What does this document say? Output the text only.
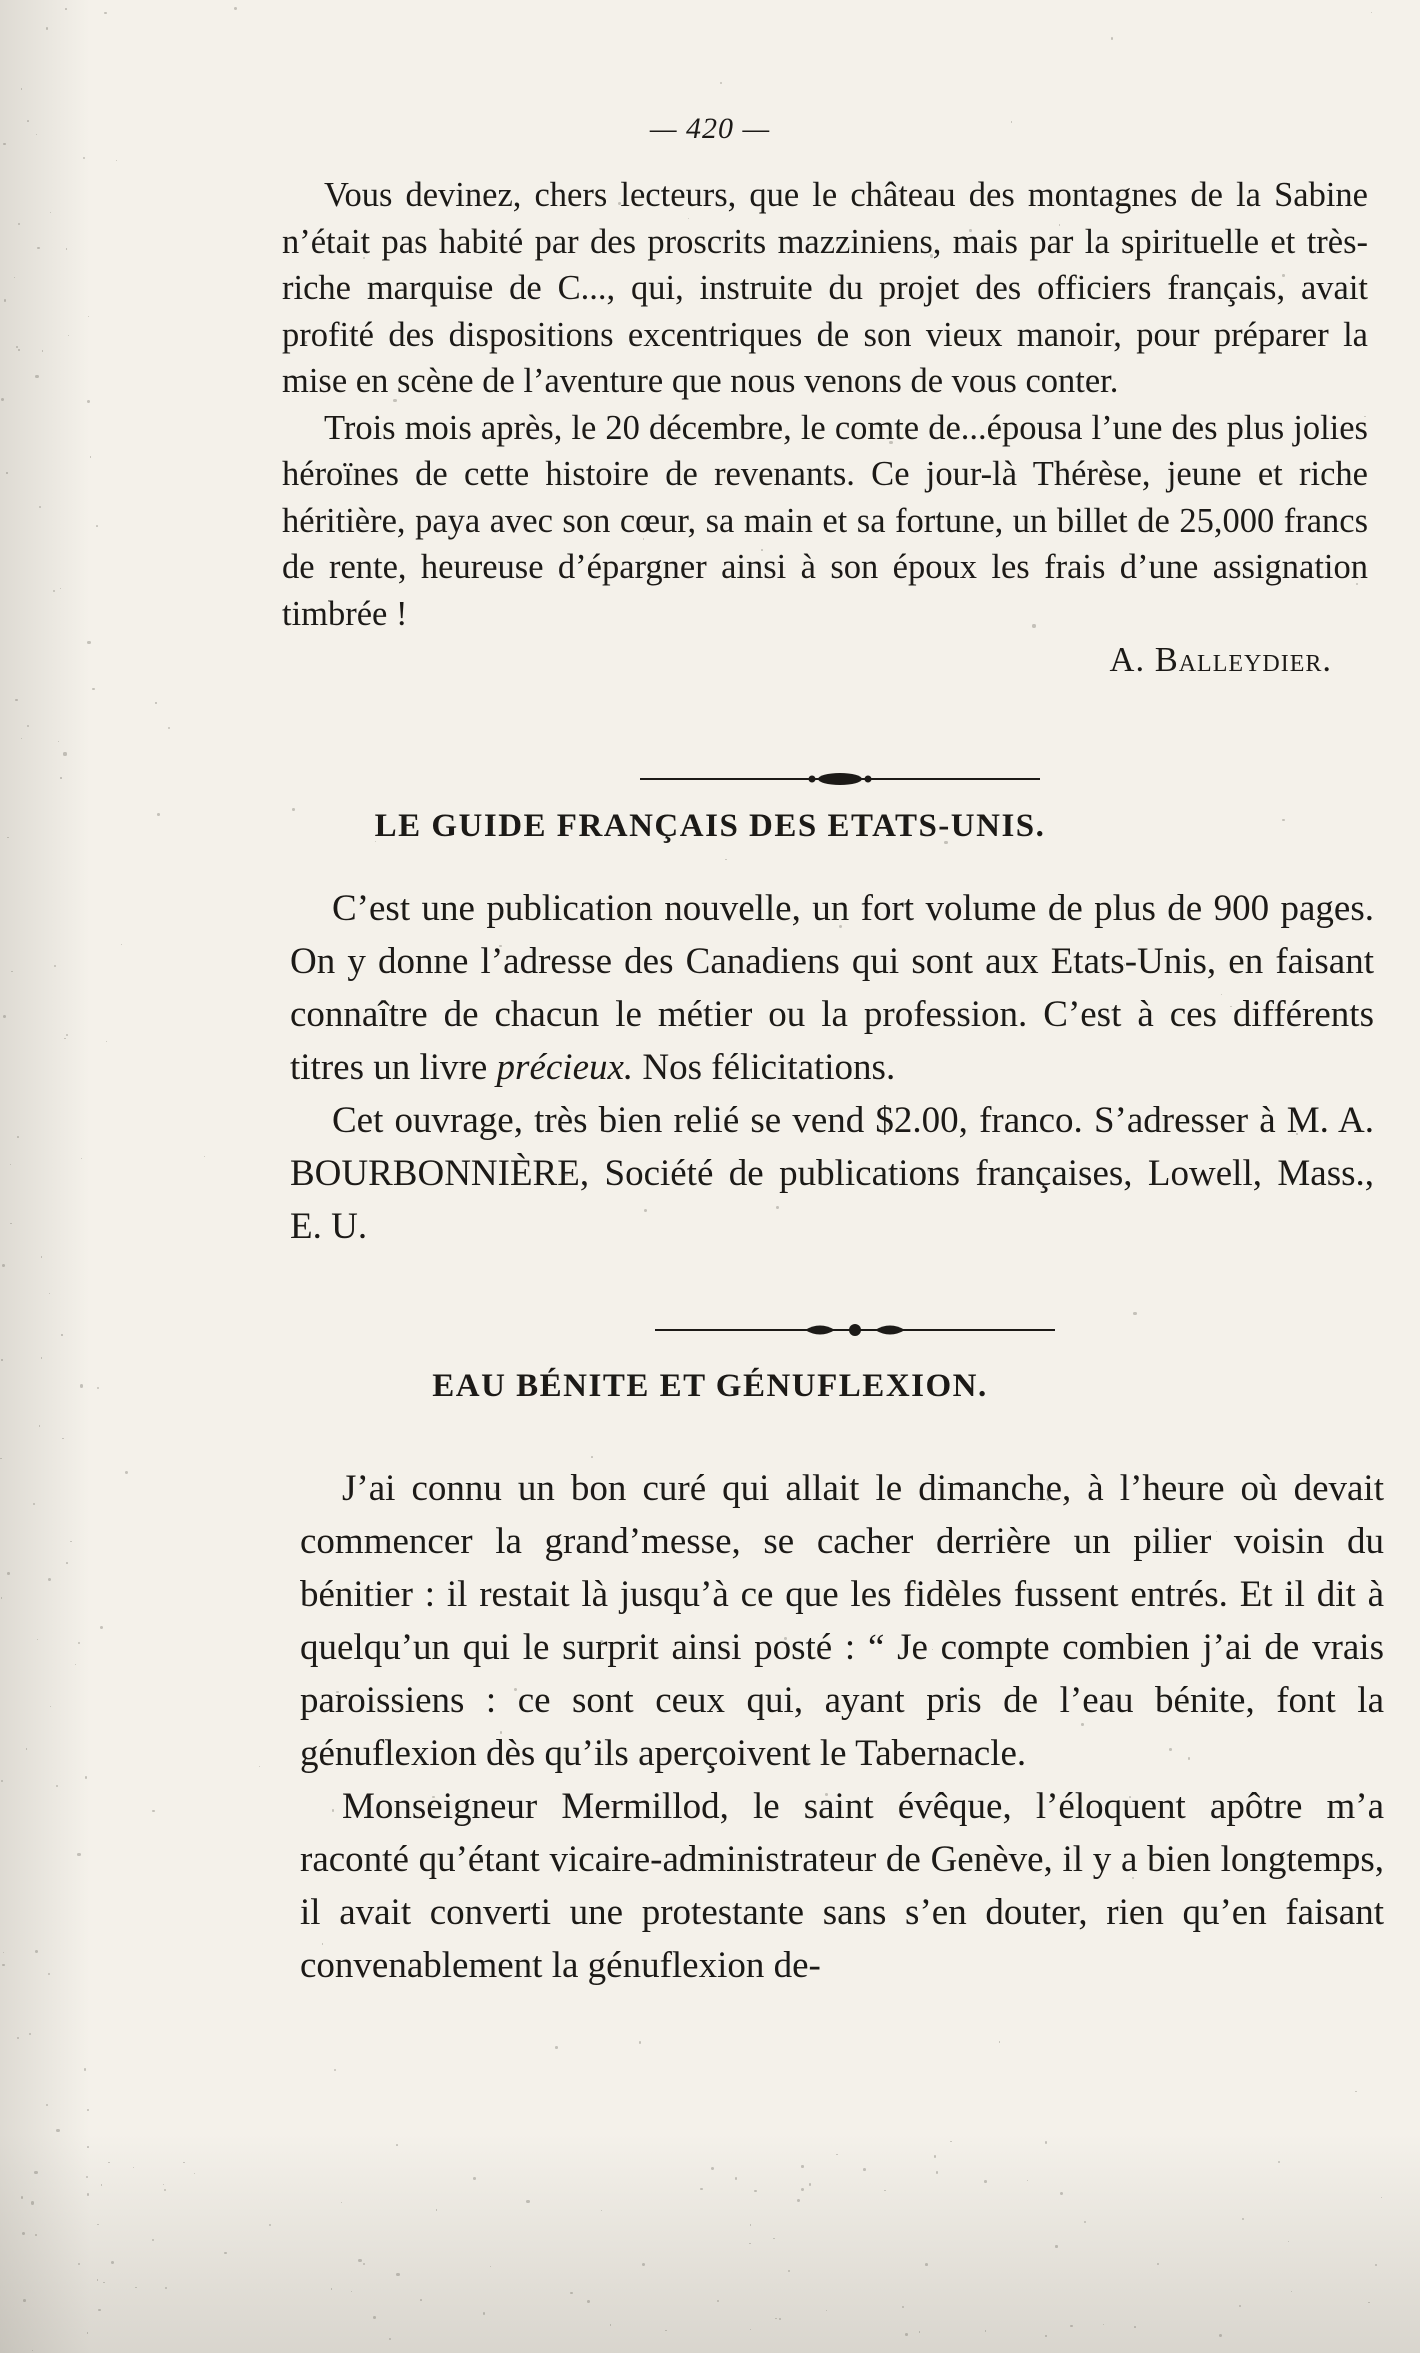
— 420 —

Vous devinez, chers lecteurs, que le château des montagnes de la Sabine n’était pas habité par des proscrits mazziniens, mais par la spirituelle et très-riche marquise de C..., qui, instruite du projet des officiers français, avait profité des dispositions excentriques de son vieux manoir, pour préparer la mise en scène de l’aventure que nous venons de vous conter.

Trois mois après, le 20 décembre, le comte de...épousa l’une des plus jolies héroïnes de cette histoire de revenants. Ce jour-là Thérèse, jeune et riche héritière, paya avec son cœur, sa main et sa fortune, un billet de 25,000 francs de rente, heureuse d’épargner ainsi à son époux les frais d’une assignation timbrée !

A. Balleydier.
LE GUIDE FRANÇAIS DES ETATS-UNIS.

C’est une publication nouvelle, un fort volume de plus de 900 pages. On y donne l’adresse des Canadiens qui sont aux Etats-Unis, en faisant connaître de chacun le métier ou la profession. C’est à ces différents titres un livre précieux. Nos félicitations.

Cet ouvrage, très bien relié se vend $2.00, franco. S’adresser à M. A. BOURBONNIÈRE, Société de publications françaises, Lowell, Mass., E. U.

EAU BÉNITE ET GÉNUFLEXION.

J’ai connu un bon curé qui allait le dimanche, à l’heure où devait commencer la grand’messe, se cacher derrière un pilier voisin du bénitier : il restait là jusqu’à ce que les fidèles fussent entrés. Et il dit à quelqu’un qui le surprit ainsi posté : “ Je compte combien j’ai de vrais paroissiens : ce sont ceux qui, ayant pris de l’eau bénite, font la génuflexion dès qu’ils aperçoivent le Tabernacle.

Monseigneur Mermillod, le saint évêque, l’éloquent apôtre m’a raconté qu’étant vicaire-administrateur de Genève, il y a bien longtemps, il avait converti une protestante sans s’en douter, rien qu’en faisant convenablement la génuflexion de-
